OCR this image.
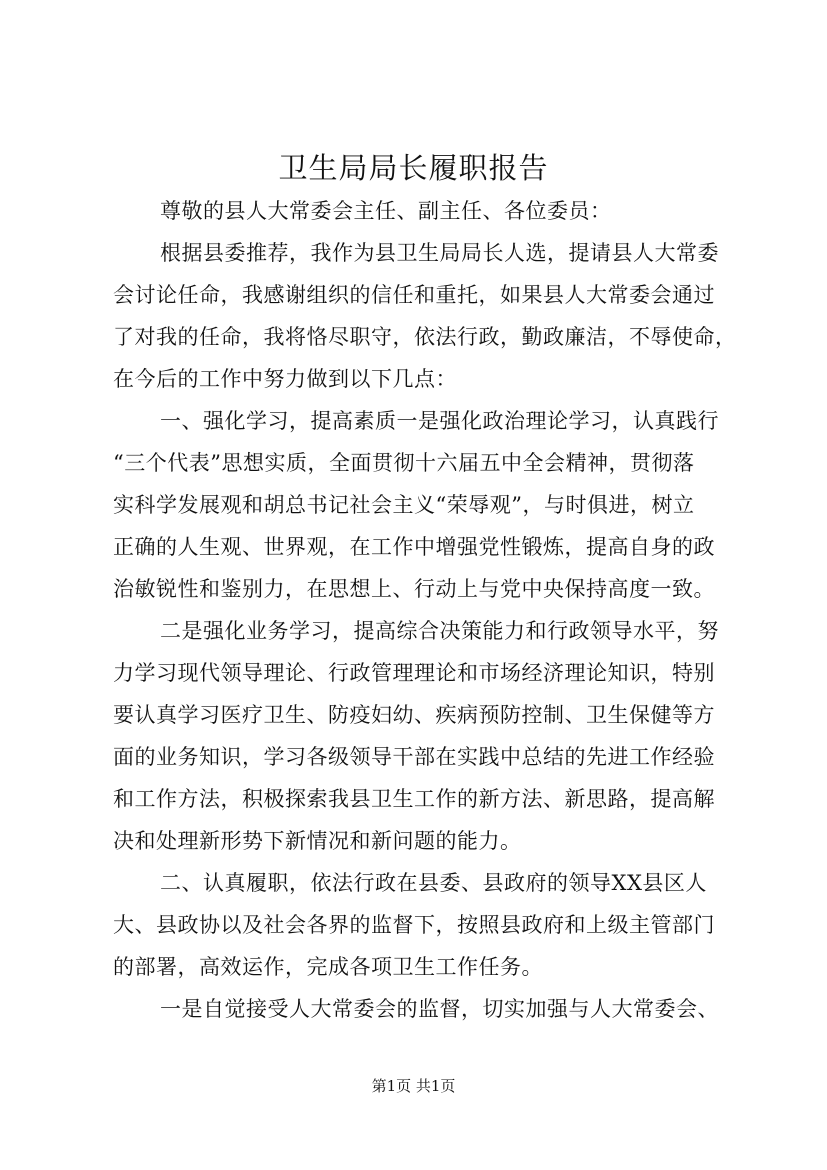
卫生局局长履职报告
尊敬的县人大常委会主任、副主任、各位委员：
根据县委推荐，我作为县卫生局局长人选，提请县人大常委
会讨论任命，我感谢组织的信任和重托，如果县人大常委会通过
了对我的任命，我将恪尽职守，依法行政，勤政廉洁，不辱使命，
在今后的工作中努力做到以下几点：
一、强化学习，提高素质一是强化政治理论学习，认真践行
“三个代表”思想实质，全面贯彻十六届五中全会精神，贯彻落
实科学发展观和胡总书记社会主义“荣辱观”，与时俱进，树立
正确的人生观、世界观，在工作中增强党性锻炼，提高自身的政
治敏锐性和鉴别力，在思想上、行动上与党中央保持高度一致。
二是强化业务学习，提高综合决策能力和行政领导水平，努
力学习现代领导理论、行政管理理论和市场经济理论知识，特别
要认真学习医疗卫生、防疫妇幼、疾病预防控制、卫生保健等方
面的业务知识，学习各级领导干部在实践中总结的先进工作经验
和工作方法，积极探索我县卫生工作的新方法、新思路，提高解
决和处理新形势下新情况和新问题的能力。
二、认真履职，依法行政在县委、县政府的领导XX县区人
大、县政协以及社会各界的监督下，按照县政府和上级主管部门
的部署，高效运作，完成各项卫生工作任务。
一是自觉接受人大常委会的监督，切实加强与人大常委会、
第1页 共1页
